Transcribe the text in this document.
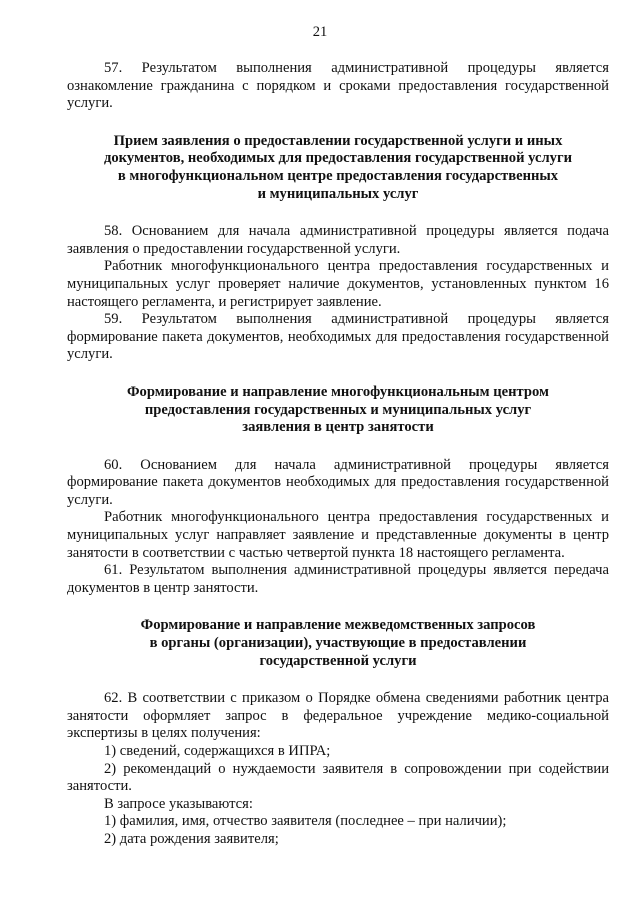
21

57. Результатом выполнения административной процедуры является ознакомление гражданина с порядком и сроками предоставления государственной услуги.

Прием заявления о предоставлении государственной услуги и иных
документов, необходимых для предоставления государственной услуги
в многофункциональном центре предоставления государственных
и муниципальных услуг

58. Основанием для начала административной процедуры является подача заявления о предоставлении государственной услуги.

Работник многофункционального центра предоставления государственных и муниципальных услуг проверяет наличие документов, установленных пунктом 16 настоящего регламента, и регистрирует заявление.

59. Результатом выполнения административной процедуры является формирование пакета документов, необходимых для предоставления государственной услуги.

Формирование и направление многофункциональным центром
предоставления государственных и муниципальных услуг
заявления в центр занятости

60. Основанием для начала административной процедуры является формирование пакета документов необходимых для предоставления государственной услуги.

Работник многофункционального центра предоставления государственных и муниципальных услуг направляет заявление и представленные документы в центр занятости в соответствии с частью четвертой пункта 18 настоящего регламента.

61. Результатом выполнения административной процедуры является передача документов в центр занятости.

Формирование и направление межведомственных запросов
в органы (организации), участвующие в предоставлении
государственной услуги

62. В соответствии с приказом о Порядке обмена сведениями работник центра занятости оформляет запрос в федеральное учреждение медико-социальной экспертизы в целях получения:

1) сведений, содержащихся в ИПРА;

2) рекомендаций о нуждаемости заявителя в сопровождении при содействии занятости.

В запросе указываются:

1) фамилия, имя, отчество заявителя (последнее – при наличии);

2) дата рождения заявителя;
